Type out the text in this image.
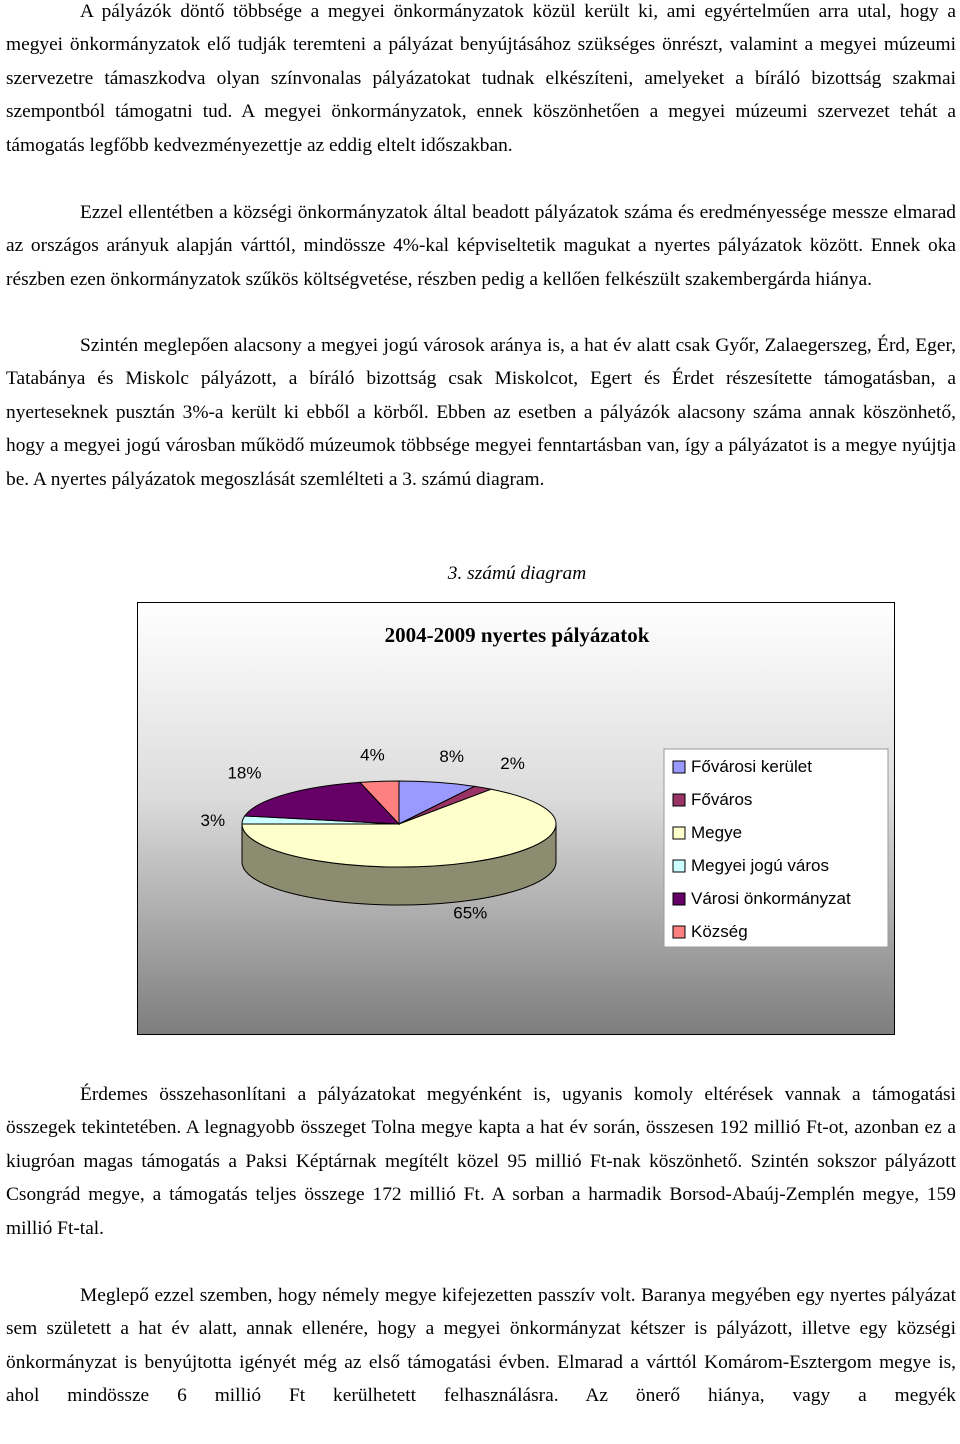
A pályázók döntő többsége a megyei önkormányzatok közül került ki, ami egyértelműen arra utal, hogy a megyei önkormányzatok elő tudják teremteni a pályázat benyújtásához szükséges önrészt, valamint a megyei múzeumi szervezetre támaszkodva olyan színvonalas pályázatokat tudnak elkészíteni, amelyeket a bíráló bizottság szakmai szempontból támogatni tud. A megyei önkormányzatok, ennek köszönhetően a megyei múzeumi szervezet tehát a támogatás legfőbb kedvezményezettje az eddig eltelt időszakban.

Ezzel ellentétben a községi önkormányzatok által beadott pályázatok száma és eredményessége messze elmarad az országos arányuk alapján várttól, mindössze 4%-kal képviseltetik magukat a nyertes pályázatok között. Ennek oka részben ezen önkormányzatok szűkös költségvetése, részben pedig a kellően felkészült szakembergárda hiánya.

Szintén meglepően alacsony a megyei jogú városok aránya is, a hat év alatt csak Győr, Zalaegerszeg, Érd, Eger, Tatabánya és Miskolc pályázott, a bíráló bizottság csak Miskolcot, Egert és Érdet részesítette támogatásban, a nyerteseknek pusztán 3%-a került ki ebből a körből. Ebben az esetben a pályázók alacsony száma annak köszönhető, hogy a megyei jogú városban működő múzeumok többsége megyei fenntartásban van, így a pályázatot is a megye nyújtja be. A nyertes pályázatok megoszlását szemlélteti a 3. számú diagram.

3. számú diagram
2004-2009 nyertes pályázatok
8% 2%
65%
3%
18%
4%
Fővárosi kerület
Főváros
Megye
Megyei jogú város
Városi önkormányzat
Község

Érdemes összehasonlítani a pályázatokat megyénként is, ugyanis komoly eltérések vannak a támogatási összegek tekintetében. A legnagyobb összeget Tolna megye kapta a hat év során, összesen 192 millió Ft-ot, azonban ez a kiugróan magas támogatás a Paksi Képtárnak megítélt közel 95 millió Ft-nak köszönhető. Szintén sokszor pályázott Csongrád megye, a támogatás teljes összege 172 millió Ft. A sorban a harmadik Borsod-Abaúj-Zemplén megye, 159 millió Ft-tal.

Meglepő ezzel szemben, hogy némely megye kifejezetten passzív volt. Baranya megyében egy nyertes pályázat sem született a hat év alatt, annak ellenére, hogy a megyei önkormányzat kétszer is pályázott, illetve egy községi önkormányzat is benyújtotta igényét még az első támogatási évben. Elmarad a várttól Komárom-Esztergom megye is, ahol mindössze 6 millió Ft kerülhetett felhasználásra. Az önerő hiánya, vagy a megyék
